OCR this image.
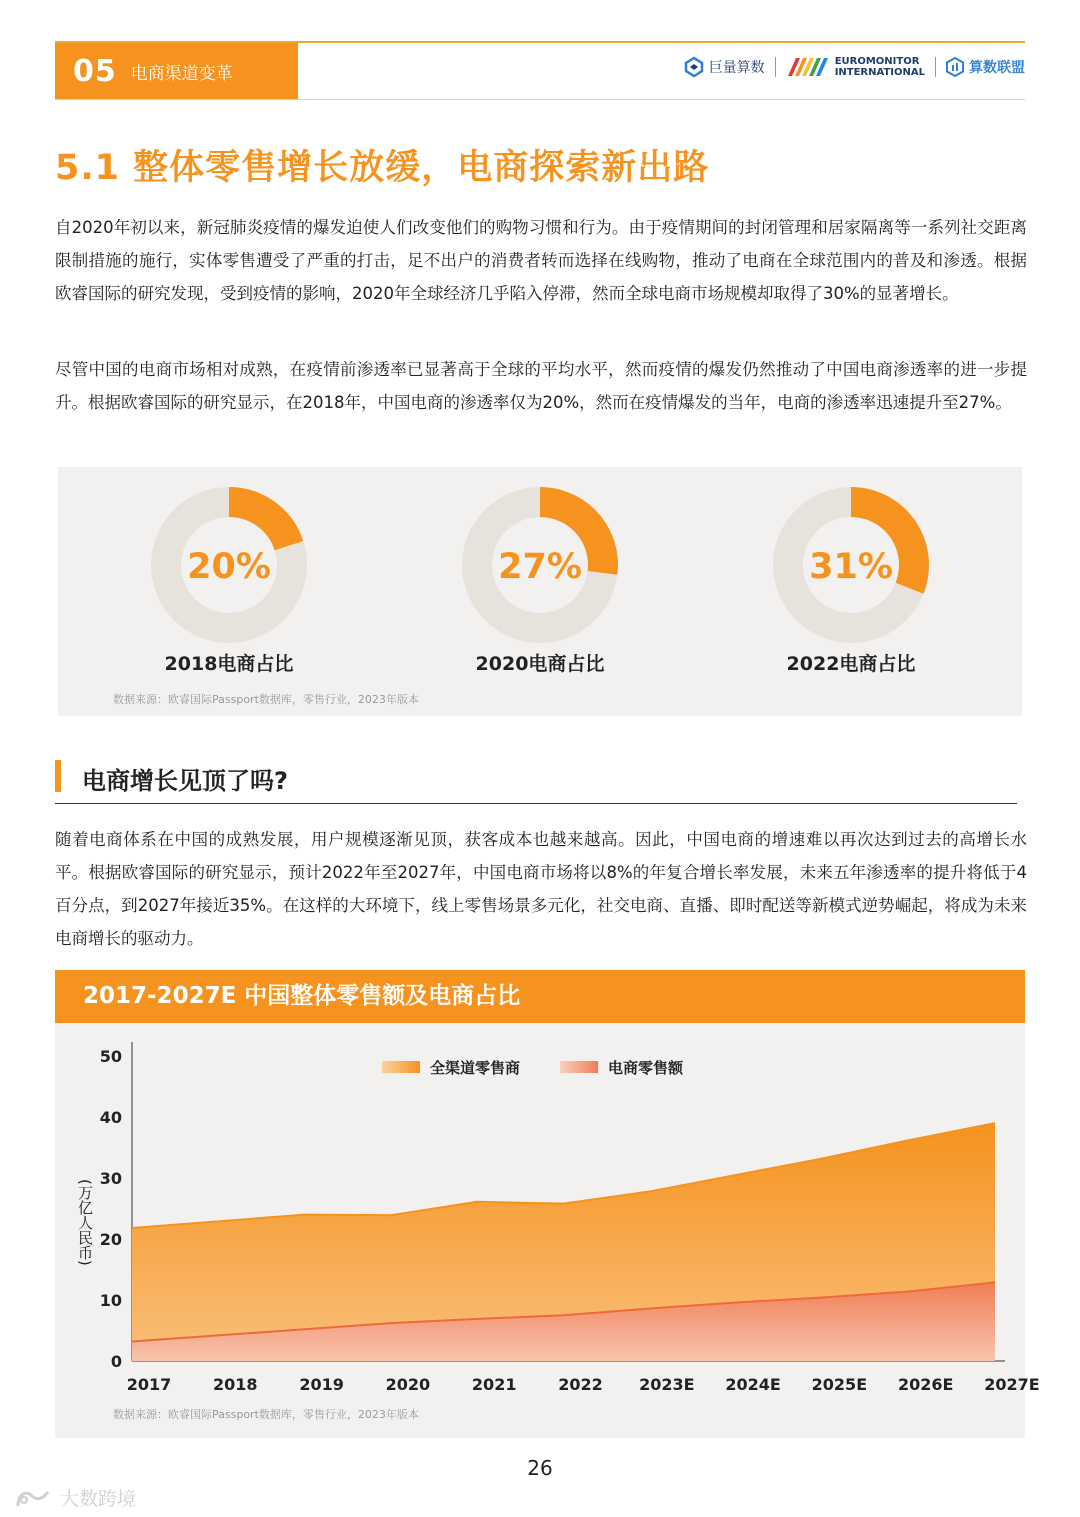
05 电商渠道变革	巨量算数	EUROMONITOR
INTERNATIONAL	算数联盟
5.1 整体零售增长放缓，电商探索新出路

自2020年初以来，新冠肺炎疫情的爆发迫使人们改变他们的购物习惯和行为。由于疫情期间的封闭管理和居家隔离等一系列社交距离限制措施的施行，实体零售遭受了严重的打击，足不出户的消费者转而选择在线购物，推动了电商在全球范围内的普及和渗透。根据欧睿国际的研究发现，受到疫情的影响，2020年全球经济几乎陷入停滞，然而全球电商市场规模却取得了30%的显著增长。

尽管中国的电商市场相对成熟，在疫情前渗透率已显著高于全球的平均水平，然而疫情的爆发仍然推动了中国电商渗透率的进一步提升。根据欧睿国际的研究显示，在2018年，中国电商的渗透率仅为20%，然而在疫情爆发的当年，电商的渗透率迅速提升至27%。

20%
2018电商占比
27%
2020电商占比
31%
2022电商占比
数据来源：欧睿国际Passport数据库，零售行业，2023年版本
电商增长见顶了吗?

随着电商体系在中国的成熟发展，用户规模逐渐见顶，获客成本也越来越高。因此，中国电商的增速难以再次达到过去的高增长水平。根据欧睿国际的研究显示，预计2022年至2027年，中国电商市场将以8%的年复合增长率发展，未来五年渗透率的提升将低于4百分点，到2027年接近35%。在这样的大环境下，线上零售场景多元化，社交电商、直播、即时配送等新模式逆势崛起，将成为未来电商增长的驱动力。

2017-2027E 中国整体零售额及电商占比
0
10
20
30
40
50
(万亿人民币)
2017	2018	2019	2020	2021	2022 2023E 2024E 2025E 2026E 2027E
全渠道零售商	电商零售额
数据来源：欧睿国际Passport数据库，零售行业，2023年版本
26
大数跨境
